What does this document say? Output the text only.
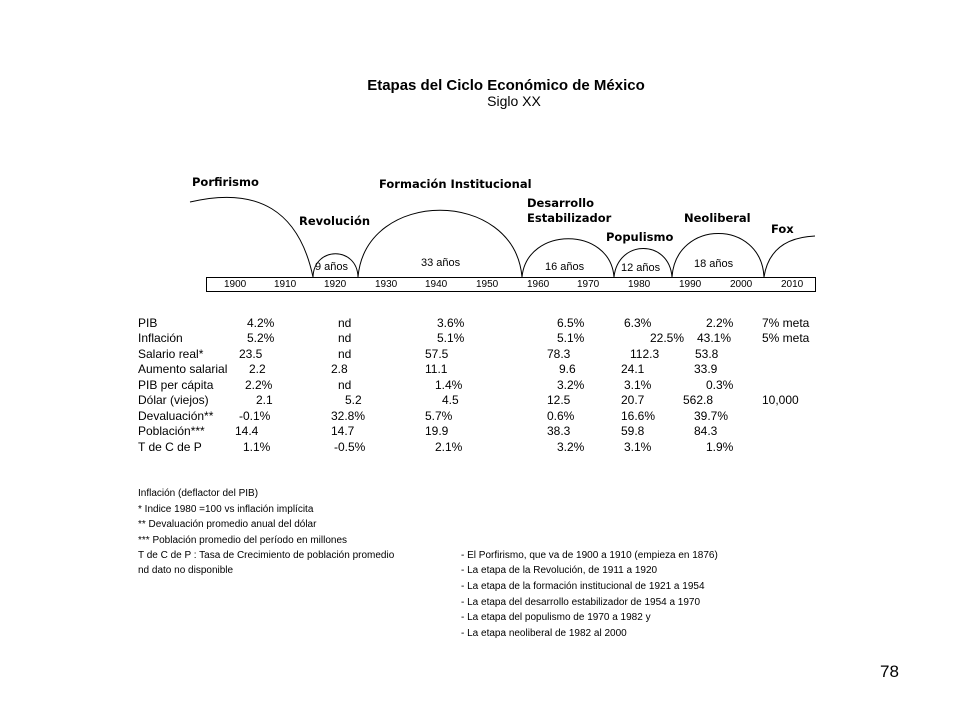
Etapas del Ciclo Económico de México
Siglo XX
Porfirismo
Revolución
Formación Institucional
Desarrollo
Estabilizador
Populismo
Neoliberal
Fox
9 años	33 años	16 años	12 años	18 años
1900	1910	1920	1930	1940	1950	1960	1970	1980	1990	2000	2010
PIB	4.2%	nd	3.6%	6.5%	6.3%	2.2% 7% meta
Inflación	5.2%	nd	5.1%	5.1%	22.5% 43.1%	5% meta
Salario real*	23.5	nd	57.5	78.3	112.3	53.8
Aumento salarial 2.2	2.8	11.1	9.6	24.1	33.9
PIB per cápita	2.2%	nd	1.4%	3.2%	3.1%	0.3%
Dólar (viejos)	2.1	5.2	4.5	12.5	20.7	562.8	10,000
Devaluación** -0.1%	32.8%	5.7%	0.6%	16.6%	39.7%
Población***	14.4	14.7	19.9	38.3	59.8	84.3
T de C de P	1.1%	-0.5%	2.1%	3.2%	3.1%	1.9%
Inflación (deflactor del PIB)
* Indice 1980 =100 vs inflación implícita
** Devaluación promedio anual del dólar
*** Población promedio del período en millones
T de C de P : Tasa de Crecimiento de población promedio
nd dato no disponible
- El Porfirismo, que va de 1900 a 1910 (empieza en 1876)
- La etapa de la Revolución, de 1911 a 1920
- La etapa de la formación institucional de 1921 a 1954
- La etapa del desarrollo estabilizador de 1954 a 1970
- La etapa del populismo de 1970 a 1982 y
- La etapa neoliberal de 1982 al 2000
78
